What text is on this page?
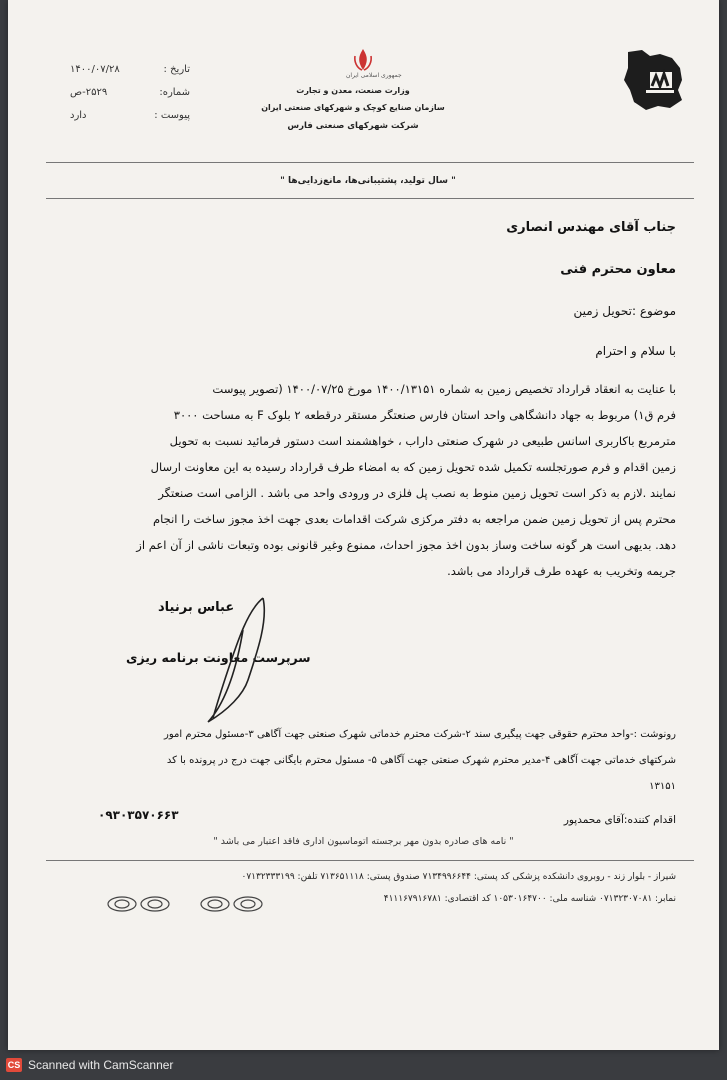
تاریخ :
۱۴۰۰/۰۷/۲۸
شماره:
۲۵۲۹-ص
پیوست :
دارد
جمهوری اسلامی ایران
وزارت صنعت، معدن و تجارت
سازمان صنایع کوچک و شهرکهای صنعتی ایران
شرکت شهرکهای صنعتی فارس
" سال تولید، پشتیبانی‌ها، مانع‌زدایی‌ها "
جناب آقای مهندس انصاری
معاون محترم فنی
موضوع :تحویل زمین
با سلام و احترام
با عنایت به انعقاد قرارداد تخصیص زمین به شماره ۱۴۰۰/۱۳۱۵۱ مورخ ۱۴۰۰/۰۷/۲۵ (تصویر پیوست
فرم ق۱) مربوط به جهاد دانشگاهی واحد استان فارس صنعتگر مستقر درقطعه ۲ بلوک F به مساحت ۳۰۰۰
مترمربع باکاربری اسانس طبیعی در شهرک صنعتی داراب ، خواهشمند است دستور فرمائید نسبت به تحویل
زمین اقدام و فرم صورتجلسه تکمیل شده تحویل زمین که به امضاء طرف قرارداد رسیده به این معاونت ارسال
نمایند .لازم به ذکر است تحویل زمین منوط به نصب پل فلزی در ورودی واحد می باشد . الزامی است صنعتگر
محترم پس از تحویل زمین ضمن مراجعه به دفتر مرکزی شرکت اقدامات بعدی جهت اخذ مجوز ساخت را انجام
دهد. بدیهی است هر گونه ساخت وساز بدون اخذ مجوز احداث، ممنوع وغیر قانونی بوده وتبعات ناشی از آن اعم از
جریمه وتخریب به عهده طرف قرارداد می باشد.
عباس برنیاد
سرپرست معاونت برنامه ریزی
رونوشت :-واحد محترم حقوقی جهت پیگیری سند ۲-شرکت محترم خدماتی شهرک صنعتی جهت آگاهی ۳-مسئول محترم امور
شرکتهای خدماتی جهت آگاهی ۴-مدیر محترم شهرک صنعتی جهت آگاهی ۵- مسئول محترم بایگانی جهت درج در پرونده با کد
۱۳۱۵۱
اقدام کننده:آقای محمدپور
۰۹۳۰۳۵۷۰۶۶۳
" نامه های صادره بدون مهر برجسته اتوماسیون اداری فاقد اعتبار می باشد "
شیراز - بلوار زند - روبروی دانشکده پزشکی کد پستی: ۷۱۳۴۹۹۶۶۴۴ صندوق پستی: ۷۱۳۶۵۱۱۱۸ تلفن: ۰۷۱۳۲۳۳۳۱۹۹
نمابر: ۰۷۱۳۲۳۰۷۰۸۱ شناسه ملی: ۱۰۵۳۰۱۶۴۷۰۰ کد اقتصادی: ۴۱۱۱۶۷۹۱۶۷۸۱
CS Scanned with CamScanner
